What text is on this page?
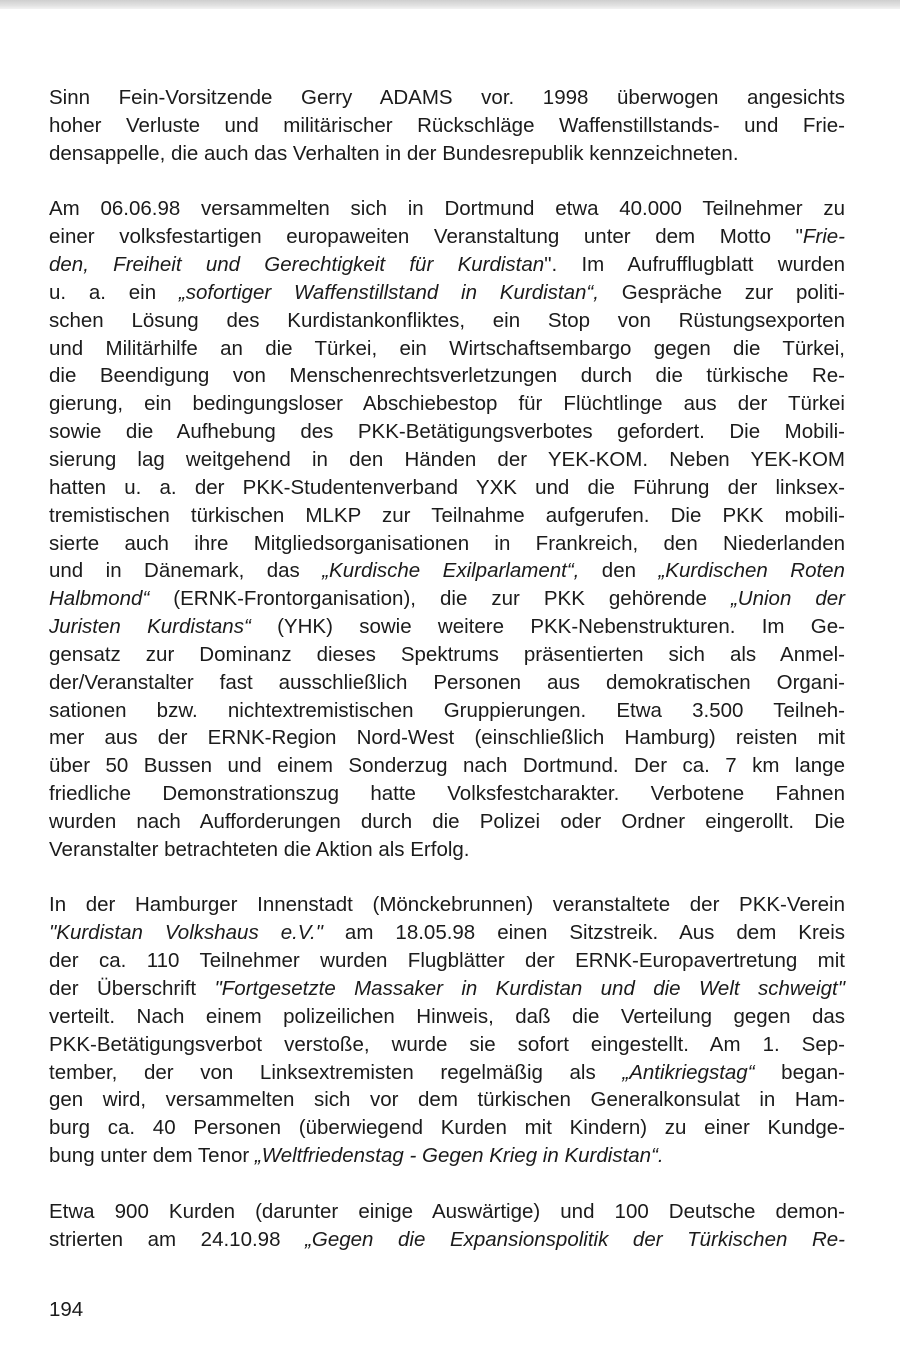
Sinn Fein-Vorsitzende Gerry ADAMS vor. 1998 überwogen angesichts
hoher Verluste und militärischer Rückschläge Waffenstillstands- und Frie-
densappelle, die auch das Verhalten in der Bundesrepublik kennzeichneten.
Am 06.06.98 versammelten sich in Dortmund etwa 40.000 Teilnehmer zu
einer volksfestartigen europaweiten Veranstaltung unter dem Motto "Frie-
den, Freiheit und Gerechtigkeit für Kurdistan". Im Aufrufflugblatt wurden
u. a. ein „sofortiger Waffenstillstand in Kurdistan“, Gespräche zur politi-
schen Lösung des Kurdistankonfliktes, ein Stop von Rüstungsexporten
und Militärhilfe an die Türkei, ein Wirtschaftsembargo gegen die Türkei,
die Beendigung von Menschenrechtsverletzungen durch die türkische Re-
gierung, ein bedingungsloser Abschiebestop für Flüchtlinge aus der Türkei
sowie die Aufhebung des PKK-Betätigungsverbotes gefordert. Die Mobili-
sierung lag weitgehend in den Händen der YEK-KOM. Neben YEK-KOM
hatten u. a. der PKK-Studentenverband YXK und die Führung der linksex-
tremistischen türkischen MLKP zur Teilnahme aufgerufen. Die PKK mobili-
sierte auch ihre Mitgliedsorganisationen in Frankreich, den Niederlanden
und in Dänemark, das „Kurdische Exilparlament“, den „Kurdischen Roten
Halbmond“ (ERNK-Frontorganisation), die zur PKK gehörende „Union der
Juristen Kurdistans“ (YHK) sowie weitere PKK-Nebenstrukturen. Im Ge-
gensatz zur Dominanz dieses Spektrums präsentierten sich als Anmel-
der/Veranstalter fast ausschließlich Personen aus demokratischen Organi-
sationen bzw. nichtextremistischen Gruppierungen. Etwa 3.500 Teilneh-
mer aus der ERNK-Region Nord-West (einschließlich Hamburg) reisten mit
über 50 Bussen und einem Sonderzug nach Dortmund. Der ca. 7 km lange
friedliche Demonstrationszug hatte Volksfestcharakter. Verbotene Fahnen
wurden nach Aufforderungen durch die Polizei oder Ordner eingerollt. Die
Veranstalter betrachteten die Aktion als Erfolg.
In der Hamburger Innenstadt (Mönckebrunnen) veranstaltete der PKK-Verein
"Kurdistan Volkshaus e.V." am 18.05.98 einen Sitzstreik. Aus dem Kreis
der ca. 110 Teilnehmer wurden Flugblätter der ERNK-Europavertretung mit
der Überschrift "Fortgesetzte Massaker in Kurdistan und die Welt schweigt"
verteilt. Nach einem polizeilichen Hinweis, daß die Verteilung gegen das
PKK-Betätigungsverbot verstoße, wurde sie sofort eingestellt. Am 1. Sep-
tember, der von Linksextremisten regelmäßig als „Antikriegstag“ began-
gen wird, versammelten sich vor dem türkischen Generalkonsulat in Ham-
burg ca. 40 Personen (überwiegend Kurden mit Kindern) zu einer Kundge-
bung unter dem Tenor „Weltfriedenstag - Gegen Krieg in Kurdistan“.
Etwa 900 Kurden (darunter einige Auswärtige) und 100 Deutsche demon-
strierten am 24.10.98 „Gegen die Expansionspolitik der Türkischen Re-
194
